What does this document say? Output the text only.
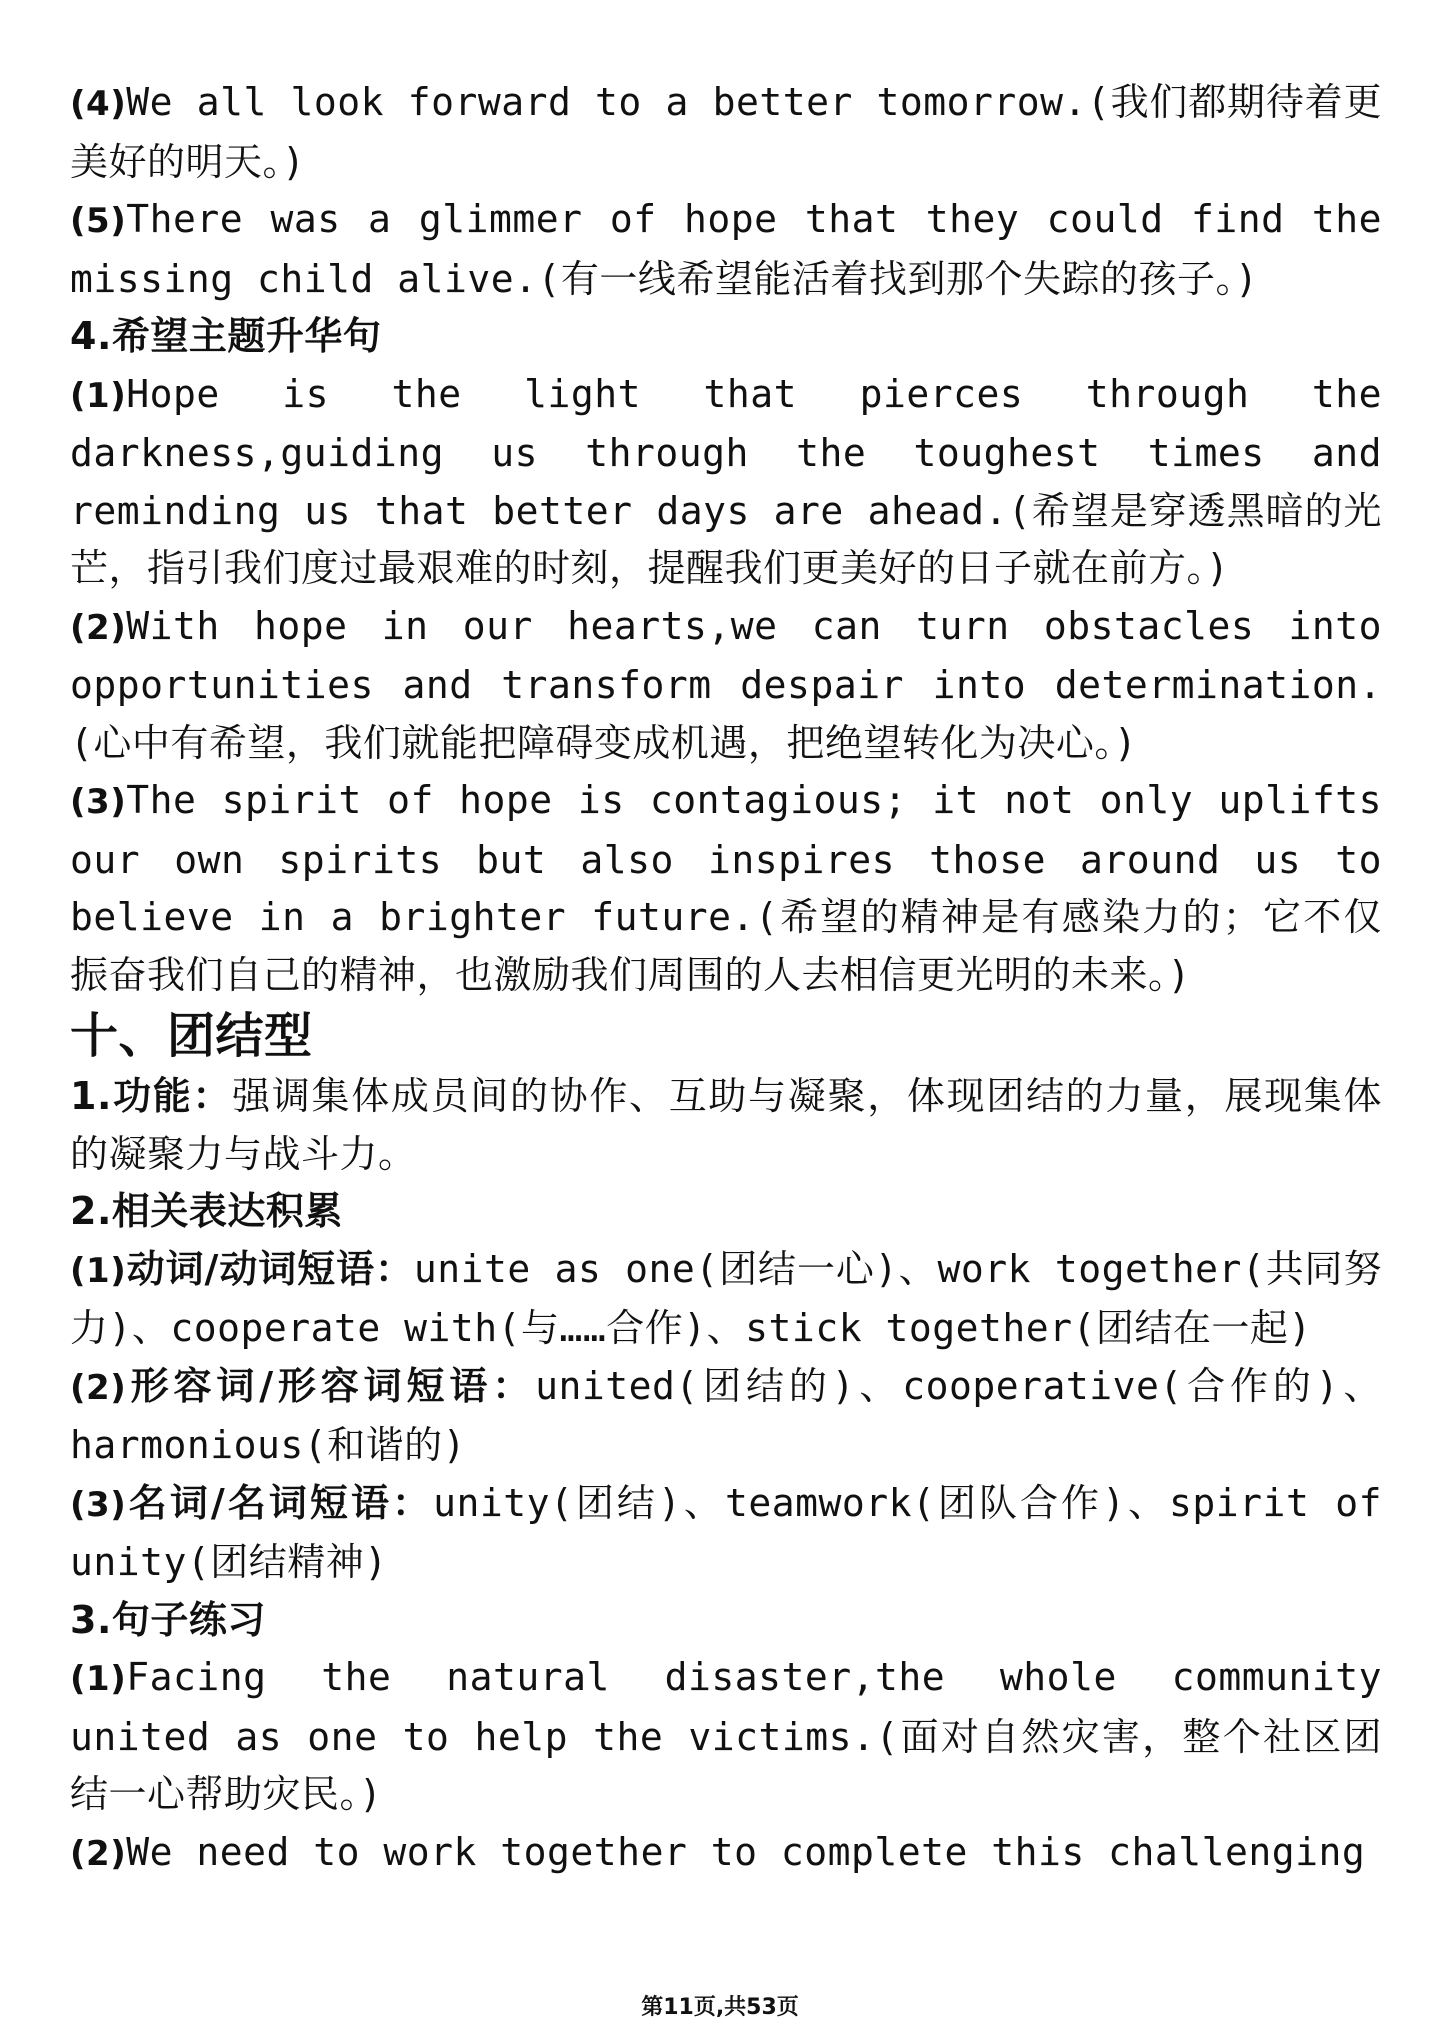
(4)We all look forward to a better tomorrow.(我们都期待着更美好的明天。)

(5)There was a glimmer of hope that they could find the missing child alive.(有一线希望能活着找到那个失踪的孩子。)

4.希望主题升华句

(1)Hope is the light that pierces through the darkness,guiding us through the toughest times and reminding us that better days are ahead.(希望是穿透黑暗的光芒，指引我们度过最艰难的时刻，提醒我们更美好的日子就在前方。)

(2)With hope in our hearts,we can turn obstacles into opportunities and transform despair into determination.(心中有希望，我们就能把障碍变成机遇，把绝望转化为决心。)

(3)The spirit of hope is contagious; it not only uplifts our own spirits but also inspires those around us to believe in a brighter future.(希望的精神是有感染力的；它不仅振奋我们自己的精神，也激励我们周围的人去相信更光明的未来。)

十、团结型

1.功能：强调集体成员间的协作、互助与凝聚，体现团结的力量，展现集体的凝聚力与战斗力。

2.相关表达积累

(1)动词/动词短语：unite as one(团结一心)、work together(共同努力)、cooperate with(与……合作)、stick together(团结在一起)

(2)形容词/形容词短语：united(团结的)、cooperative(合作的)、harmonious(和谐的)

(3)名词/名词短语：unity(团结)、teamwork(团队合作)、spirit of unity(团结精神)

3.句子练习

(1)Facing the natural disaster,the whole community united as one to help the victims.(面对自然灾害，整个社区团结一心帮助灾民。)

(2)We need to work together to complete this challenging

第11页,共53页
